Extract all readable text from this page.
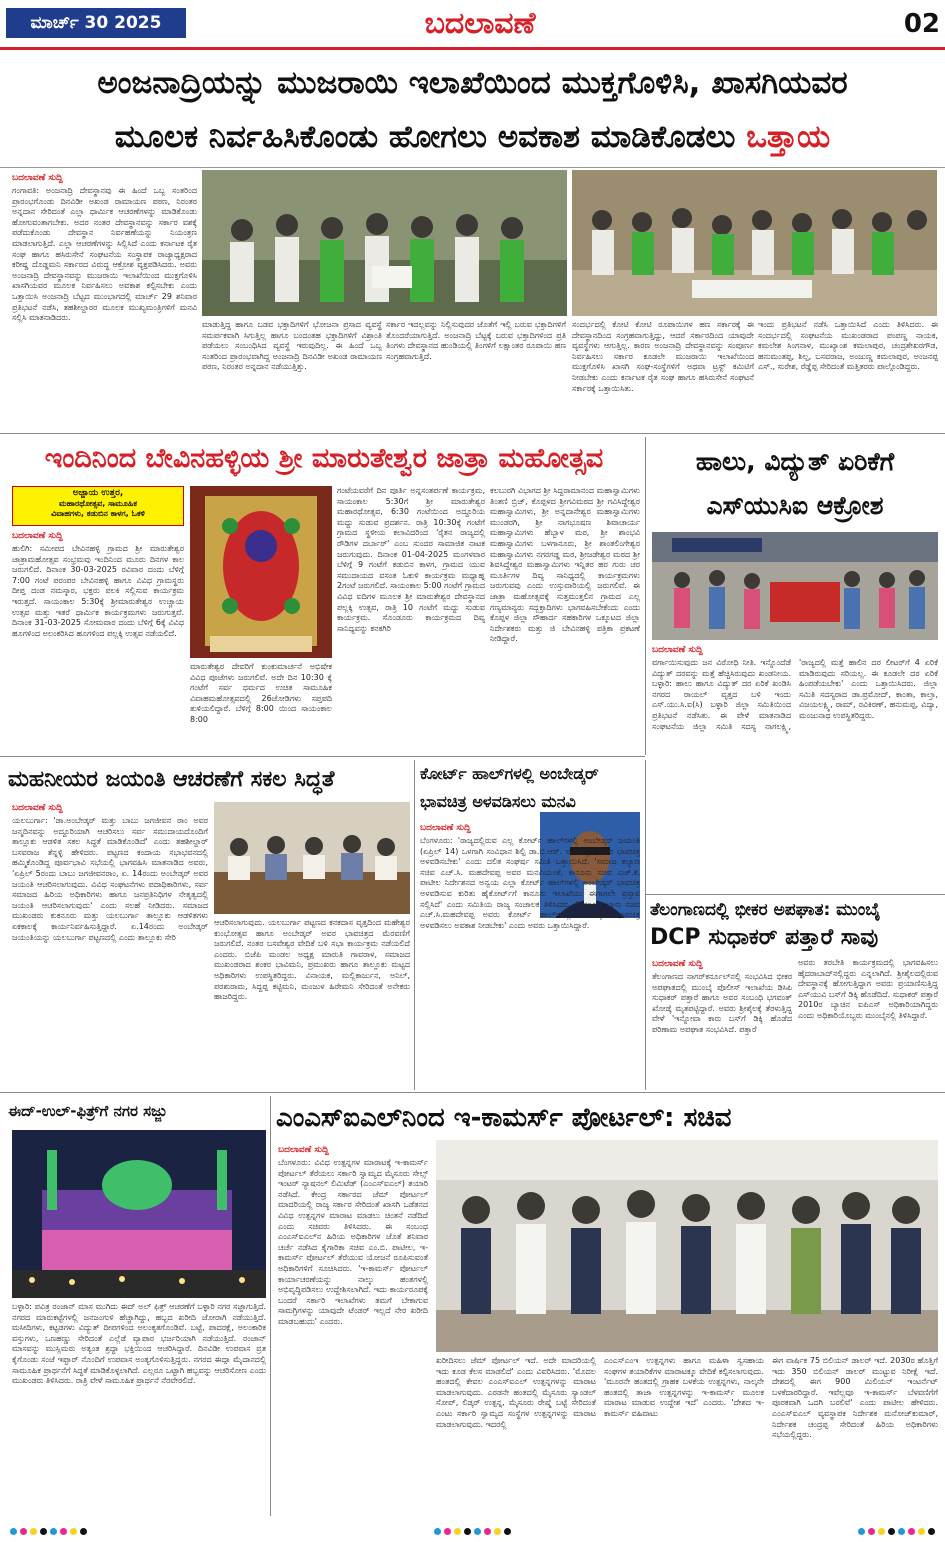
ಮಾರ್ಚ್ 30 2025	ಬದಲಾವಣೆ	02
ಅಂಜನಾದ್ರಿಯನ್ನು ಮುಜರಾಯಿ ಇಲಾಖೆಯಿಂದ ಮುಕ್ತಗೊಳಿಸಿ, ಖಾಸಗಿಯವರ
ಮೂಲಕ ನಿರ್ವಹಿಸಿಕೊಂಡು ಹೋಗಲು ಅವಕಾಶ ಮಾಡಿಕೊಡಲು ಒತ್ತಾಯ
ಬದಲಾವಣೆ ಸುದ್ದಿ
ಗಂಗಾವತಿ: ಅಂಜನಾದ್ರಿ ದೇವಸ್ಥಾನವು ಈ ಹಿಂದೆ ಒಬ್ಬ ಸಂತರಿಂದ ಪ್ರಾರಂಭಗೊಂಡು ದಿನವಿಡೀ ಅಖಂಡ ರಾಮಾಯಣ ಪಠಣ, ನಿರಂತರ ಅನ್ನದಾನ ಸೇರಿದಂತೆ ಎಲ್ಲಾ ಧಾರ್ಮಿಕ ಆಚರಣೆಗಳನ್ನು ಮಾಡಿಕೊಂಡು ಹೋಗುವಂತಾಗಬೇಕು. ಅದರ ನಂತರ ದೇವಸ್ಥಾನವನ್ನು ಸರ್ಕಾರ ವಶಕ್ಕೆ ಪಡೆದುಕೊಂಡು ದೇವಸ್ಥಾನ ನಿರ್ವಹಣೆಯನ್ನು ನಿಯಂತ್ರಣ ಮಾಡಲಾಗುತ್ತಿದೆ. ಎಲ್ಲಾ ಆಚರಣೆಗಳನ್ನು ಸಿಲ್ಲಿಸಿದೆ ಎಂದು ಕರ್ನಾಟಕ ರೈತ ಸಂಘ ಹಾಗೂ ಹಸಿರುಸೇನೆ ಸಂಘಟನೆಯ ಸಂಸ್ಥಾಪಕ ರಾಜ್ಯಾಧ್ಯಕ್ಷರಾದ ಕರೀಷ್ಣ ದೊಡ್ಡಮನಿ ಸರ್ಕಾರದ ವಿರುದ್ಧ ಆಕ್ರೋಶ ವ್ಯಕ್ತಪಡಿಸಿದರು. ಅವರು ಅಂಜನಾದ್ರಿ ದೇವಸ್ಥಾನವನ್ನು ಮುಜರಾಯಿ ಇಲಾಖೆಯಿಂದ ಮುಕ್ತಗೊಳಿಸಿ ಖಾಸಗಿಯವರ ಮೂಲಕ ನಿರ್ವಹಿಸಲು ಅವಕಾಶ ಕಲ್ಪಿಸಬೇಕು ಎಂದು ಒತ್ತಾಯಿಸಿ ಅಂಜನಾದ್ರಿ ಬೆಟ್ಟದ ಮುಂಭಾಗದಲ್ಲಿ ಮಾರ್ಚ್ 29 ಶನಿವಾರ ಪ್ರತಿಭಟನೆ ನಡೆಸಿ, ತಹಶೀಲ್ದಾರರ ಮೂಲಕ ಮುಖ್ಯಮಂತ್ರಿಗಳಿಗೆ ಮನವಿ ಸಲ್ಲಿಸಿ ಮಾತನಾಡಿದರು.
ಮಾಡುತ್ತಿದ್ದ ಹಾಗೂ ಬಡವ ಭಕ್ತಾದಿಗಳಿಗೆ ಭೋಜನಾ ಪ್ರಸಾದ ವ್ಯವಸ್ಥೆ ಸಮರ್ಪಕವಾಗಿ ಸಿಗುತ್ತಿಲ್ಲ ಹಾಗೂ ಬಂದಂತಹ ಭಕ್ತಾದಿಗಳಿಗೆ ವಿಶ್ರಾಂತಿ ಪಡೆಯಲು ಸಂಬಂಧಿಸಿದ ವ್ಯವಸ್ಥೆ ಇರುವುದಿಲ್ಲ. ಈ ಹಿಂದೆ ಒಬ್ಬ ಸಂತರಿಂದ ಪ್ರಾರಂಭವಾಗಿದ್ದ ಅಂಜನಾದ್ರಿ ದಿನವಿಡೀ ಅಖಂಡ ರಾಮಾಯಣ ಪಠಣ, ನಿರಂತರ ಅನ್ನದಾನ ನಡೆಯುತ್ತಿತ್ತು.
ಸರ್ಕಾರ ಇದಲ್ಲವನ್ನು ನಿಲ್ಲಿಸುವುದರ ಜೊತೆಗೆ ಇಲ್ಲಿ ಬರುವ ಭಕ್ತಾದಿಗಳಿಗೆ ತೊಂದರೆಯಾಗುತ್ತಿದೆ. ಅಂಜನಾದ್ರಿ ಬೆಟ್ಟಕ್ಕೆ ಬರುವ ಭಕ್ತಾದಿಗಳಿಂದ ಪ್ರತಿ ತಿಂಗಳು ದೇವಸ್ಥಾನದ ಹುಂಡಿಯಲ್ಲಿ ತಿಂಗಳಿಗೆ ಲಕ್ಷಾಂತರ ರೂಪಾಯಿ ಹಣ ಸಂಗ್ರಹವಾಗುತ್ತಿದೆ.
ಸಂದರ್ಭದಲ್ಲಿ ಕೋಟಿ ಕೋಟಿ ರೂಪಾಯಿಗಳ ಹಣ ಸರ್ಕಾರಕ್ಕೆ ಈ ದೇವಸ್ಥಾನದಿಂದ ಸಂಗ್ರಹವಾಗುತ್ತಿದ್ದು, ಆದರೆ ಸರ್ಕಾರದಿಂದ ಯಾವುದೇ ವ್ಯವಸ್ಥೆಗಳು ಆಗುತ್ತಿಲ್ಲ. ಕಾರಣ ಅಂಜನಾದ್ರಿ ದೇವಸ್ಥಾನವನ್ನು ಸಂಪೂರ್ಣ ನಿರ್ವಹಿಸಲು ಸರ್ಕಾರ ಕೂಡಲೇ ಮುಜರಾಯಿ ಇಲಾಖೆಯಿಂದ ಮುಕ್ತಗೊಳಿಸಿ ಖಾಸಗಿ ಸಂಘ-ಸಂಸ್ಥೆಗಳಿಗೆ ಅಥವಾ ಟ್ರಸ್ಟ್ ಕಮಿಟಿಗೆ ನೀಡಬೇಕು ಎಂದು ಕರ್ನಾಟಕ ರೈತ ಸಂಘ ಹಾಗೂ ಹಸಿರುಸೇನೆ ಸಂಘಟನೆ ಸರ್ಕಾರಕ್ಕೆ ಒತ್ತಾಯಿಸಿತು.
ಇಂದು ಪ್ರತಿಭಟನೆ ನಡೆಸಿ ಒತ್ತಾಯಿಸಿದೆ ಎಂದು ತಿಳಿಸಿದರು. ಈ ಸಂದರ್ಭದಲ್ಲಿ ಸಂಘಟನೆಯ ಮುಖಂಡರಾದ ಪಂಪಣ್ಣ ನಾಯಕ, ಕಮಲೇಶ ಸಿಂಗನಾಳ, ಮುಖ್ಯಾಂಶ ಕಮಲಾಪುರ, ಚಂದ್ರಶೇಖರಗೌಡ, ಹನುಮಂತಪ್ಪ, ಶಿಲ್ಪ, ಬಸವರಾಜ, ಅಂಜುಣ್ಣ ಕಮಲಾಪುರ, ಅಂಜನಪ್ಪ ಎಸ್., ಸುರೇಶ, ರೆಡ್ಡೆಪ್ಪ ಸೇರಿದಂತೆ ಮತ್ತಿತರರು ಪಾಲ್ಗೊಂಡಿದ್ದರು.
ಇಂದಿನಿಂದ ಬೇವಿನಹಳ್ಳಿಯ ಶ್ರೀ ಮಾರುತೇಶ್ವರ ಜಾತ್ರಾ ಮಹೋತ್ಸವ
ಅಜ್ಜಾಯ ಉತ್ತರ,
ಮಹಾರಥೋತ್ಸವ, ಸಾಮೂಹಿಕ
ವಿವಾಹಗಳು, ಕಡುಬಿನ ಕಾಳಗ, ಓಕಳಿ
ಬದಲಾವಣೆ ಸುದ್ದಿ
ಹುಲಿಗಿ: ಸಮೀಪದ ಬೇವಿನಹಳ್ಳಿ ಗ್ರಾಮದ ಶ್ರೀ ಮಾರುತೇಶ್ವರ ಜಾತ್ರಾಮಹೋತ್ಸವ ಸಂಭ್ರಮವು ಇಂದಿನಿಂದ ಮೂರು ದಿನಗಳ ಕಾಲ ಜರುಗಲಿದೆ. ದಿನಾಂಕ 30-03-2025 ರವಿವಾರ ದಂದು ಬೆಳಿಗ್ಗೆ 7:00 ಗಂಟೆ ಪರಂಪರ ಬೇವಿನಹಳ್ಳಿ ಹಾಗೂ ವಿವಿಧ ಗ್ರಾಮಸ್ಥರು ದೀಪ್ತ ದಂಡ ನಮಸ್ಕಾರ, ಭಕ್ತರು ಪಲಕಿ ಸಲ್ಲಿಸುವ ಕಾರ್ಯಕ್ರಮ ಇರುತ್ತದೆ. ಸಾಯಂಕಾಲ 5:30ಕ್ಕೆ ಶ್ರೀಮಾರುತೇಶ್ವರ ಉಚ್ಚಾಯ ಉತ್ಸವ ಮತ್ತು ಇತರೆ ಧಾರ್ಮಿಕ ಕಾರ್ಯಕ್ರಮಗಳು ಜರುಗುತ್ತವೆ. ದಿನಾಂಕ 31-03-2025 ಸೋಮವಾರ ದಂದು ಬೆಳಿಗ್ಗೆ 6ಕ್ಕೆ ವಿವಿಧ ಹೂಗಳಿಂದ ಅಲಂಕರಿಸಿದ ಹೂಗಳಿಂದ ಪಲ್ಲಕ್ಕಿ ಉತ್ಸವ ನಡೆಯಲಿದೆ.
ಮಾರುತೇಶ್ವರ ದೇವರಿಗೆ ಕುಂಕುಮಾರ್ಚನೆ ಅಭಿಷೇಕ ವಿವಿಧ ಪೂಜೆಗಳು ಜರುಗಲಿವೆ. ಅದೇ ದಿನ 10:30 ಕ್ಕೆ ಗಂಟೆಗೆ ಸರ್ವ ಧರ್ಮದ ಉಚಿತ ಸಾಮೂಹಿಕ ವಿವಾಹಮಹೋತ್ಸವದಲ್ಲಿ 26ಜೋಡಿಗಳು ಸಪ್ತಪದಿ ತುಳಿಯಲಿದ್ದಾರೆ. ಬೆಳಿಗ್ಗೆ 8:00 ಯಿಂದ ಸಾಯಂಕಾಲ 8:00
ಗಂಟೆಯವರೆಗೆ ದಿನ ಪೂರ್ತಿ ಅನ್ನಸಂತರ್ಪಣೆ ಕಾರ್ಯಕ್ರಮ, ಸಾಯಂಕಾಲ 5:30ಗೆ ಶ್ರೀ ಮಾರುತೇಶ್ವರ ಮಹಾರಥೋತ್ಸವ, 6:30 ಗಂಟೆಯಿಂದ ಅದ್ದೂರಿಯ ಮದ್ದು ಸುಡುವ ಪ್ರದರ್ಶನ. ರಾತ್ರಿ 10:30ಕ್ಕೆ ಗಂಟೆಗೆ ಗ್ರಾಮದ ಸ್ಥಳೀಯ ಕಲಾವಿದರಿಂದ 'ರೈತನ ರಾಜ್ಯದಲ್ಲಿ ರೌಡಿಗಳ ದರ್ಬಾರ್' ಎಂಬ ಸುಂದರ ಸಾಮಾಜಿಕ ನಾಟಕ ಜರುಗುವುದು. ದಿನಾಂಕ 01-04-2025 ಮಂಗಳವಾರ ಬೆಳಿಗ್ಗೆ 9 ಗಂಟೆಗೆ ಕಡುಬಿನ ಕಾಳಗ, ಗ್ರಾಮದ ಯುವ ಸಮುದಾಯದ ವಸಂತ ಓಕುಳಿ ಕಾರ್ಯಕ್ರಮ ಮಧ್ಯಾಹ್ನ 2ಗಂಟೆ ಜರುಗಲಿದೆ. ಸಾಯಂಕಾಲ 5:00 ಗಂಟೆಗೆ ಗ್ರಾಮದ ವಿವಿಧ ಐದಿಗಳ ಮೂಲಕ ಶ್ರೀ ಮಾರುತೇಶ್ವರ ದೇವಸ್ಥಾನದ ಪಲ್ಲಕ್ಕಿ ಉತ್ಸವ, ರಾತ್ರಿ 10 ಗಂಟೆಗೆ ಮದ್ದು ಸುಡುವ ಕಾರ್ಯಕ್ರಮ. ಸೊಂಡೂರು ಕಾರ್ಯಕ್ರಮದ ದಿವ್ಯ ಸಾನಿಧ್ಯವನ್ನು ಕನಕಗಿರಿ
ಕಲಬುರಗಿ ವಿಭಾಗದ ಶ್ರೀ ಸಿದ್ದರಾಮಾನಂದ ಮಹಾಸ್ವಾಮಿಗಳು ತಿಂತಣಿ ಬ್ರಿಜ್, ಕೊಪ್ಪಳದ ಶ್ರೀಗವಿಮಠದ ಶ್ರೀ ಗವಿಸಿದ್ದೇಶ್ವರ ಮಹಾಸ್ವಾಮಿಗಳು, ಶ್ರೀ ಅನ್ನದಾನೇಶ್ವರ ಮಹಾಸ್ವಾಮಿಗಳು ಮುಂಡರಗಿ, ಶ್ರೀ ನಾಗಭೂಷಣ ಶಿವಾಚಾರ್ಯ ಮಹಾಸ್ವಾಮಿಗಳು ಹೆಬ್ಬಾಳ ಮಠ, ಶ್ರೀ ಶಾಂಭವಿ ಮಹಾಸ್ವಾಮಿಗಳು ಬಳಗಾನೂರು, ಶ್ರೀ ಶಾಂತಲಿಂಗೇಶ್ವರ ಮಹಾಸ್ವಾಮಿಗಳು ನಗರಗಡ್ಡ ಮಠ, ಶ್ರೀಜಡೇಶ್ವರ ಮಠದ ಶ್ರೀ ಶಿವಸಿದ್ದೇಶ್ವರ ಮಹಾಸ್ವಾಮಿಗಳು ಇನ್ನಿತರ ಹರ ಗುರು ಚರ ಮೂರ್ತಿಗಳ ದಿವ್ಯ ಸಾನಿಧ್ಯದಲ್ಲಿ ಕಾರ್ಯಕ್ರಮಗಳು ಜರುಗುವವು ಎಂದು ಉಸ್ತುವಾರಿಯಲ್ಲಿ ಜರುಗಲಿವೆ. ಈ ಜಾತ್ರಾ ಮಹೋತ್ಸವಕ್ಕೆ ಸುತ್ತಮುತ್ತಲಿನ ಗ್ರಾಮದ ಎಲ್ಲ ಗಣ್ಯಮಾನ್ಯರು ಸದ್ಭಕ್ತಾದಿಗಳು ಭಾಗವಹಿಸಬೇಕೆಂದು ಎಂದು ಕೊಪ್ಪಳ ಜಿಲ್ಲಾ ಸೌಹಾರ್ದ ಸಹಕಾರಿಗಳ ಒಕ್ಕೂಟದ ಜಿಲ್ಲಾ ನಿರ್ದೇಶಕರು ಮತ್ತು ಜಿ ಬೇವಿನಹಳ್ಳಿ ಪತ್ರಿಕಾ ಪ್ರಕಟಣೆ ನೀಡಿದ್ದಾರೆ.
ಹಾಲು, ವಿದ್ಯುತ್ ಏರಿಕೆಗೆ
ಎಸ್‌ಯುಸಿಐ ಆಕ್ರೋಶ
ಬದಲಾವಣೆ ಸುದ್ದಿ
ವರ್ಗಾಯಿಸುವುದು ಜನ ವಿರೋಧಿ ನೀತಿ. ಇನ್ನೊಂದೆಡೆ ವಿದ್ಯುತ್ ದರವನ್ನು ಮತ್ತೆ ಹೆಚ್ಚಿಸಿರುವುದು ಖಂಡನೀಯ. ಬಳ್ಳಾರಿ: ಹಾಲು ಹಾಗೂ ವಿದ್ಯುತ್ ದರ ಏರಿಕೆ ಖಂಡಿಸಿ ನಗರದ ರಾಯಲ್ ವೃತ್ತದ ಬಳಿ ಇಂದು ಎಸ್.ಯು.ಸಿ.ಐ(ಸಿ) ಬಳ್ಳಾರಿ ಜಿಲ್ಲಾ ಸಮಿತಿಯಿಂದ ಪ್ರತಿಭಟನೆ ನಡೆಸಿತು. ಈ ವೇಳೆ ಮಾತನಾಡಿದ ಸಂಘಟನೆಯ ಜಿಲ್ಲಾ ಸಮಿತಿ ಸದಸ್ಯ ನಾಗಲಕ್ಷ್ಮಿ, 'ರಾಜ್ಯದಲ್ಲಿ ಮತ್ತೆ ಹಾಲಿನ ದರ ಲೀಟರ್‌ಗೆ 4 ಏರಿಕೆ ಮಾಡಿರುವುದು ಸರಿಯಲ್ಲ. ಈ ಕೂಡಲೇ ದರ ಏರಿಕೆ ಹಿಂಪಡೆಯಬೇಕು' ಎಂದು ಒತ್ತಾಯಿಸಿದರು. ಜಿಲ್ಲಾ ಸಮಿತಿ ಸದಸ್ಯರಾದ ಡಾ.ಪ್ರಮೋದ್, ಕಾಂತಾ, ಕಾಲ್ತಾ, ವಿಜಯಲಕ್ಷ್ಮಿ, ರಾಮ್, ರವಿಕಿರಣ್, ಹನುಮಪ್ಪ, ವಿದ್ಯಾ, ಮಂಜುನಾಥ ಉಪಸ್ಥಿತರಿದ್ದರು.
ಮಹನೀಯರ ಜಯಂತಿ ಆಚರಣೆಗೆ ಸಕಲ ಸಿದ್ಧತೆ
ಬದಲಾವಣೆ ಸುದ್ದಿ
ಯಲಬುರ್ಗಾ: 'ಡಾ.ಅಂಬೇಡ್ಕರ್ ಮತ್ತು ಬಾಬು ಜಗಜೀವನ ರಾಂ ಅವರ ಜನ್ಮದಿನವನ್ನು ಅದ್ದೂರಿಯಾಗಿ ಆಚರಿಸಲು ಸರ್ವ ಸಮುದಾಯದೊಂದಿಗೆ ತಾಲ್ಲೂಕು ಆಡಳಿತ ಸಕಲ ಸಿದ್ಧತೆ ಮಾಡಿಕೊಂಡಿದೆ' ಎಂದು ತಹಶೀಲ್ದಾರ್ ಬಸವರಾಜ ತೆನ್ನಳ್ಳಿ ಹೇಳಿದರು. ಪಟ್ಟಣದ ಕಂದಾಯ ಸಭಾಭವನದಲ್ಲಿ ಹಮ್ಮಿಕೊಂಡಿದ್ದ ಪೂರ್ವಭಾವಿ ಸಭೆಯಲ್ಲಿ ಭಾಗವಹಿಸಿ ಮಾತನಾಡಿದ ಅವರು, 'ಏಪ್ರಿಲ್ 5ರಂದು ಬಾಬು ಜಗಜೀವನರಾಂ, ಏ. 14ರಂದು ಅಂಬೇಡ್ಕರ್ ಅವರ ಜಯಂತಿ ಆಚರಿಸಲಾಗುವುದು. ವಿವಿಧ ಸಂಘಟನೆಗಳು ಪದಾಧಿಕಾರಿಗಳು, ಸರ್ವ ಸಮಾಜದ ಹಿರಿಯ ಅಧಿಕಾರಿಗಳು ಹಾಗೂ ಜನಪ್ರತಿನಿಧಿಗಳ ನೇತೃತ್ವದಲ್ಲಿ ಜಯಂತಿ ಆಚರಿಸಲಾಗುವುದು' ಎಂದು ಸಲಹೆ ನೀಡಿದರು. ಸಮಾಜದ ಮುಖಂಡರು ಕುಕನೂರು ಮತ್ತು ಯಲಬುರ್ಗಾ ತಾಲ್ಲೂಕು ಆಡಳಿತಗಳು ಏಕಕಾಲಕ್ಕೆ ಕಾರ್ಯನಿರ್ವಹಿಸುತ್ತಿದ್ದಾರೆ. ಏ.14ರಂದು ಅಂಬೇಡ್ಕರ್ ಜಯಂತಿಯನ್ನು ಯಲಬುರ್ಗಾ ಪಟ್ಟಣದಲ್ಲಿ ಎಂದು ತಾಲ್ಲೂಕು ಸೇರಿ
ಆಚರಿಸಲಾಗುವುದು. ಯಲಬುರ್ಗಾ ಪಟ್ಟಣದ ಕನಕದಾಸ ವೃತ್ತದಿಂದ ಮಹೇಶ್ವರ ಕುಂಭೋತ್ಸವ ಹಾಗೂ ಅಂಬೇಡ್ಕರ್ ಅವರ ಭಾವಚಿತ್ರದ ಮೆರವಣಿಗೆ ಜರುಗಲಿದೆ. ನಂತರ ಬಸವೇಶ್ವರ ವೇದಿಕೆ ಬಳಿ ಸಭಾ ಕಾರ್ಯಕ್ರಮ ನಡೆಯಲಿದೆ ಎಂದರು. ಬಿಜೆಪಿ ಮಂಡಲ ಅಧ್ಯಕ್ಷ ಮಾರುತಿ ಗಾವರಾಳ, ಸಮಾಜದ ಮುಖಂಡರಾದ ಶಂಕರ ಭಾವಿಮನಿ, ಪ್ರಮುಖರು ಹಾಗೂ ತಾಲ್ಲೂಕು ಮಟ್ಟದ ಅಧಿಕಾರಿಗಳು ಉಪಸ್ಥಿತರಿದ್ದರು. ವಿನಾಯಕ, ಮಲ್ಲಿಕಾರ್ಜುನ, ಅನಿಲ್, ಪರಶುರಾಮ, ಸಿದ್ದಪ್ಪ ಕಟ್ಟಿಮನಿ, ಮಂಜುಳ ಹಿರೇಮನಿ ಸೇರಿದಂತೆ ಅನೇಕರು ಹಾಜರಿದ್ದರು.
ಕೋರ್ಟ್ ಹಾಲ್‌ಗಳಲ್ಲಿ ಅಂಬೇಡ್ಕರ್
ಭಾವಚಿತ್ರ ಅಳವಡಿಸಲು ಮನವಿ
ಬದಲಾವಣೆ ಸುದ್ದಿ
ಬೆಂಗಳೂರು: 'ರಾಜ್ಯದಲ್ಲಿರುವ ಎಲ್ಲ ಕೋರ್ಟ್ ಹಾಲ್‌ಗಳಲ್ಲಿ ಅಂಬೇಡ್ಕರ್ ಜಯಂತಿ (ಏಪ್ರಿಲ್ 14) ಒಳಗಾಗಿ ಸಂವಿಧಾನ ಶಿಲ್ಪಿ ಡಾ.ಬಿ.ಆರ್. ಅಂಬೇಡ್ಕರ್ ಅವರ ಭಾವಚಿತ್ರ ಅಳವಡಿಸಬೇಕು' ಎಂದು ದಲಿತ ಸಂಘರ್ಷ ಸಮಿತಿ ಒತ್ತಾಯಿಸಿದೆ. 'ಸಮಾಜ ಕಲ್ಯಾಣ ಸಚಿವ ಎಚ್.ಸಿ. ಮಹದೇವಪ್ಪ ಅವರ ಮನವಿಯಂತೆ, ಕಾನೂನು ಸಚಿವ ಎಚ್.ಕೆ. ಪಾಟೀಲ ನಿರ್ದೇಶನದ ಅನ್ವಯ ಎಲ್ಲಾ ಕೋರ್ಟ್ ಹಾಲ್‌ಗಳಲ್ಲಿ ಅಂಬೇಡ್ಕರ್ ಭಾವಚಿತ್ರ ಅಳವಡಿಸುವ ಕುರಿತು ಹೈಕೋರ್ಟ್‌ಗೆ ಕಾನೂನು ಇಲಾಖೆಯು ಈಗಾಗಲೇ ಪ್ರಸ್ತಾವ ಸಲ್ಲಿಸಿದೆ' ಎಂದು ಸಮಿತಿಯ ರಾಜ್ಯ ಸಂಚಾಲಕ ತಿಳಿಸಿದರು. 'ಸಮಾಜ ಕಲ್ಯಾಣ ಸಚಿವ ಎಚ್.ಸಿ.ಮಹದೇವಪ್ಪ ಅವರು ಕೋರ್ಟ್ ಹಾಲ್‌ಗಳಲ್ಲಿ ಅಂಬೇಡ್ಕರ್ ಭಾವಚಿತ್ರ ಅಳವಡಿಸಲು ಅವಕಾಶ ನೀಡಬೇಕು' ಎಂದು ಅವರು ಒತ್ತಾಯಿಸಿದ್ದಾರೆ.
ತೆಲಂಗಾಣದಲ್ಲಿ ಭೀಕರ ಅಪಘಾತ: ಮುಂಬೈ
DCP ಸುಧಾಕರ್ ಪತ್ತಾರೆ ಸಾವು
ಬದಲಾವಣೆ ಸುದ್ದಿ
ತೆಲಂಗಾಣದ ನಾಗರ್‌ಕರ್ನೂಲ್‌ನಲ್ಲಿ ಸಂಭವಿಸಿದ ಭೀಕರ ಅಪಘಾತದಲ್ಲಿ ಮುಂಬೈ ಪೊಲೀಸ್ ಇಲಾಖೆಯ ಡಿಸಿಪಿ ಸುಧಾಕರ್ ಪತ್ತಾರೆ ಹಾಗೂ ಅವರ ಸಂಬಂಧಿ ಭಗವಂತ್ ಖೋಡ್ಕೆ ಮೃತಪಟ್ಟಿದ್ದಾರೆ. ಅವರು ಶ್ರೀಶೈಲಕ್ಕೆ ತೆರಳುತ್ತಿದ್ದ ವೇಳೆ 'ಇನ್ನೋವಾ ಕಾರು ಬಸ್‌ಗೆ ಡಿಕ್ಕಿ ಹೊಡೆದ ಪರಿಣಾಮ ಅಪಘಾತ ಸಂಭವಿಸಿದೆ. ಪತ್ತಾರೆ
ಅವರು ತರಬೇತಿ ಕಾರ್ಯಕ್ರಮದಲ್ಲಿ ಭಾಗವಹಿಸಲು ಹೈದರಾಬಾದ್‌ನಲ್ಲಿದ್ದರು ಎನ್ನಲಾಗಿದೆ. ಶ್ರೀಶೈಲದಲ್ಲಿರುವ ದೇವಸ್ಥಾನಕ್ಕೆ ಹೋಗುತ್ತಿದ್ದಾಗ ಅವರು ಪ್ರಯಾಣಿಸುತ್ತಿದ್ದ ಎಸ್‌ಯುವಿ ಬಸ್‌ಗೆ ಡಿಕ್ಕಿ ಹೊಡೆದಿದೆ. ಸುಧಾಕರ್ ಪತ್ತಾರೆ 2010ರ ಬ್ಯಾಚಿನ ಐಪಿಎಸ್ ಅಧಿಕಾರಿಯಾಗಿದ್ದರು ಎಂದು ಅಧಿಕಾರಿಯೊಬ್ಬರು ಮುಂಬೈನಲ್ಲಿ ತಿಳಿಸಿದ್ದಾರೆ.
ಈದ್-ಉಲ್-ಫಿತ್ರ್‌ಗೆ ನಗರ ಸಜ್ಜು
ಬಳ್ಳಾರಿ: ಪವಿತ್ರ ರಂಜಾನ್ ಮಾಸ ಮುಗಿದು ಈದ್ ಅಲ್ ಫಿತ್ರ್ ಆಚರಣೆಗೆ ಬಳ್ಳಾರಿ ನಗರ ಸಜ್ಜಾಗುತ್ತಿದೆ. ನಗರದ ಮಾರುಕಟ್ಟೆಗಳಲ್ಲಿ ಜನಜಂಗುಳಿ ಹೆಚ್ಚಾಗಿದ್ದು, ಹಬ್ಬದ ಖರೀದಿ ಜೋರಾಗಿ ನಡೆಯುತ್ತಿದೆ. ಮಸೀದಿಗಳು, ಕಟ್ಟಡಗಳು ವಿದ್ಯುತ್ ದೀಪಗಳಿಂದ ಅಲಂಕೃತಗೊಂಡಿವೆ. ಬಟ್ಟೆ, ಪಾದರಕ್ಷೆ, ಅಲಂಕಾರಿಕ ವಸ್ತುಗಳು, ಒಣಹಣ್ಣು ಸೇರಿದಂತೆ ಎಲ್ಲೆಡೆ ವ್ಯಾಪಾರ ಭರ್ಜರಿಯಾಗಿ ನಡೆಯುತ್ತಿದೆ. ರಂಜಾನ್ ಮಾಸವನ್ನು ಮುಸ್ಲಿಮರು ಅತ್ಯಂತ ಶ್ರದ್ಧಾ ಭಕ್ತಿಯಿಂದ ಆಚರಿಸಿದ್ದಾರೆ. ದಿನವಿಡೀ ಉಪವಾಸ ವ್ರತ ಕೈಗೊಂಡು ಸಂಜೆ ಇಫ್ತಾರ್ ನೊಂದಿಗೆ ಉಪವಾಸ ಅಂತ್ಯಗೊಳಿಸುತ್ತಿದ್ದರು. ನಗರದ ಈದ್ಗಾ ಮೈದಾನದಲ್ಲಿ ಸಾಮೂಹಿಕ ಪ್ರಾರ್ಥನೆಗೆ ಸಿದ್ಧತೆ ಮಾಡಿಕೊಳ್ಳಲಾಗಿದೆ. ಎಲ್ಲರೂ ಒಟ್ಟಾಗಿ ಹಬ್ಬವನ್ನು ಆಚರಿಸೋಣ ಎಂದು ಮುಖಂಡರು ತಿಳಿಸಿದರು. ರಾತ್ರಿ ವೇಳೆ ಸಾಮೂಹಿಕ ಪ್ರಾರ್ಥನೆ ನೆರವೇರಲಿದೆ.
ಎಂಎಸ್‌ಐಎಲ್‌ನಿಂದ ಇ-ಕಾಮರ್ಸ್ ಪೋರ್ಟಲ್: ಸಚಿವ
ಬದಲಾವಣೆ ಸುದ್ದಿ
ಬೆಂಗಳೂರು: ವಿವಿಧ ಉತ್ಪನ್ನಗಳ ಮಾರಾಟಕ್ಕೆ ಇ-ಕಾಮರ್ಸ್ ಪೋರ್ಟಲ್ ತೆರೆಯಲು ಸರ್ಕಾರಿ ಸ್ವಾಮ್ಯದ ಮೈಸೂರು ಸೇಲ್ಸ್ ಇಂಟರ್ ನ್ಯಾಷನಲ್ ಲಿಮಿಟೆಡ್ (ಎಂಎಸ್‌ಐಎಲ್) ತಯಾರಿ ನಡೆಸಿದೆ. ಕೇಂದ್ರ ಸರ್ಕಾರದ ಜೆಮ್ ಪೋರ್ಟಲ್ ಮಾದರಿಯಲ್ಲಿ ರಾಜ್ಯ ಸರ್ಕಾರ ಸೇರಿದಂತೆ ಖಾಸಗಿ ಒಡೆತನದ ವಿವಿಧ ಉತ್ಪನ್ನಗಳ ಮಾರಾಟ ಮಾಡಲು ಚಿಂತನೆ ನಡೆದಿದೆ ಎಂದು ಸಚಿವರು ತಿಳಿಸಿದರು. ಈ ಸಂಬಂಧ ಎಂಎಸ್‌ಐಎಲ್‌ನ ಹಿರಿಯ ಅಧಿಕಾರಿಗಳ ಜೊತೆ ಶನಿವಾರ ಚರ್ಚೆ ನಡೆಸಿದ ಕೈಗಾರಿಕಾ ಸಚಿವ ಎಂ.ಬಿ. ಪಾಟೀಲ, ಇ-ಕಾಮರ್ಸ್ ಪೋರ್ಟಲ್ ತೆರೆಯುವ ಯೋಜನೆ ರೂಪಿಸುವಂತೆ ಅಧಿಕಾರಿಗಳಿಗೆ ಸೂಚಿಸಿದರು. 'ಇ-ಕಾಮರ್ಸ್ ಪೋರ್ಟಲ್ ಕಾರ್ಯಾಚರಣೆಯನ್ನು ನಾಲ್ಕು ಹಂತಗಳಲ್ಲಿ ಅಭಿವೃದ್ಧಿಪಡಿಸಲು ಉದ್ದೇಶಿಸಲಾಗಿದೆ. ಇದು ಕಾರ್ಯರೂಪಕ್ಕೆ ಬಂದರೆ ಸರ್ಕಾರಿ ಇಲಾಖೆಗಳು ತಮಗೆ ಬೇಕಾಗುವ ಸಾಮಗ್ರಿಗಳನ್ನು ಯಾವುದೇ ಟೆಂಡರ್ ಇಲ್ಲದೆ ನೇರ ಖರೀದಿ ಮಾಡಬಹುದು' ಎಂದರು.
ಖರೀದಿಸಲು ಜೆಮ್ ಪೋರ್ಟಲ್ ಇದೆ. ಅದೇ ಮಾದರಿಯಲ್ಲಿ ಇದು ಕೂಡ ಕೆಲಸ ಮಾಡಲಿದೆ' ಎಂದು ವಿವರಿಸಿದರು. 'ಮೊದಲ ಹಂತದಲ್ಲಿ ಕೇವಲ ಎಂಎಸ್‌ಐಎಲ್ ಉತ್ಪನ್ನಗಳನ್ನು ಮಾರಾಟ ಮಾಡಲಾಗುವುದು. ಎರಡನೇ ಹಂತದಲ್ಲಿ ಮೈಸೂರು ಸ್ಯಾಂಡಲ್ ಸೋಪ್, ಲಿಡ್ಕರ್ ಉತ್ಪನ್ನ, ಮೈಸೂರು ರೇಷ್ಮೆ ಬಟ್ಟೆ ಸೇರಿದಂತೆ ಎಂಟು ಸರ್ಕಾರಿ ಸ್ವಾಮ್ಯದ ಸಂಸ್ಥೆಗಳ ಉತ್ಪನ್ನಗಳನ್ನು ಮಾರಾಟ ಮಾಡಲಾಗುವುದು. ಇದರಲ್ಲಿ
ಎಂಎಸ್‌ಎಂಇ ಉತ್ಪನ್ನಗಳು ಹಾಗೂ ಮಹಿಳಾ ಸ್ವಸಹಾಯ ಸಂಘಗಳ ತಯಾರಿಕೆಗಳ ಮಾರಾಟಕ್ಕೂ ವೇದಿಕೆ ಕಲ್ಪಿಸಲಾಗುವುದು. 'ಮೂರನೇ ಹಂತದಲ್ಲಿ ಗ್ರಾಹಕ ಬಳಕೆಯ ಉತ್ಪನ್ನಗಳು, ನಾಲ್ಕನೇ ಹಂತದಲ್ಲಿ ತಾಜಾ ಉತ್ಪನ್ನಗಳನ್ನು ಇ-ಕಾಮರ್ಸ್ ಮೂಲಕ ಮಾರಾಟ ಮಾಡುವ ಉದ್ದೇಶ ಇದೆ' ಎಂದರು. 'ದೇಶದ ಇ-ಕಾಮರ್ಸ್ ವಹಿವಾಟು
ಈಗ ವಾರ್ಷಿಕ 75 ಬಿಲಿಯನ್ ಡಾಲರ್ ಇದೆ. 2030ರ ಹೊತ್ತಿಗೆ ಇದು 350 ಬಿಲಿಯನ್ ಡಾಲರ್ ಮುಟ್ಟುವ ನಿರೀಕ್ಷೆ ಇದೆ. ದೇಶದಲ್ಲಿ ಈಗ 900 ಮಿಲಿಯನ್ ಇಂಟರ್ನೆಟ್ ಬಳಕೆದಾರರಿದ್ದಾರೆ. ಇವೆಲ್ಲವೂ ಇ-ಕಾಮರ್ಸ್ ಬೆಳವಣಿಗೆಗೆ ಪೂರಕವಾಗಿ ಒದಗಿ ಬರಲಿವೆ' ಎಂದು ಪಾಟೀಲ ಹೇಳಿದರು. ಎಂಎಸ್‌ಐಎಲ್ ವ್ಯವಸ್ಥಾಪಕ ನಿರ್ದೇಶಕ ಮನೋಜ್‌ಕುಮಾರ್, ನಿರ್ದೇಶಕ ಚಂದ್ರಪ್ಪ ಸೇರಿದಂತೆ ಹಿರಿಯ ಅಧಿಕಾರಿಗಳು ಸಭೆಯಲ್ಲಿದ್ದರು.
